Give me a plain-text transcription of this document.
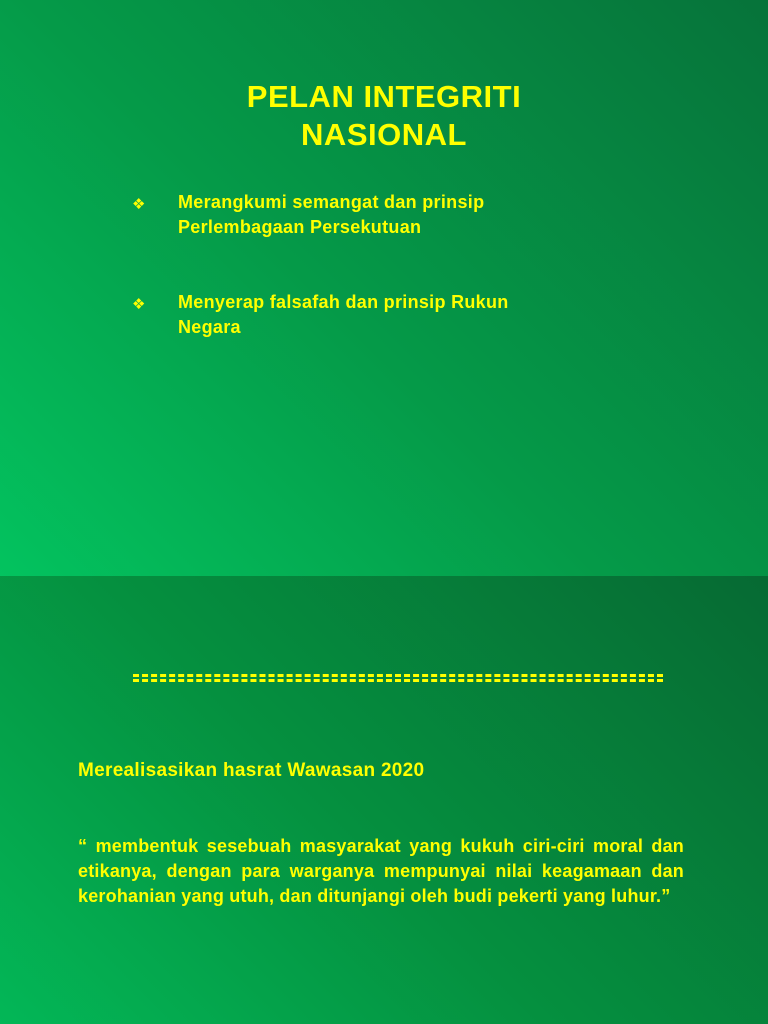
PELAN INTEGRITI
NASIONAL
❖	Merangkumi semangat dan prinsip
Perlembagaan Persekutuan
❖	Menyerap falsafah dan prinsip Rukun
Negara
Merealisasikan hasrat Wawasan 2020
“ membentuk sesebuah masyarakat yang kukuh ciri-ciri moral dan etikanya, dengan para warganya mempunyai nilai keagamaan dan kerohanian yang utuh, dan ditunjangi oleh budi pekerti yang luhur.”
